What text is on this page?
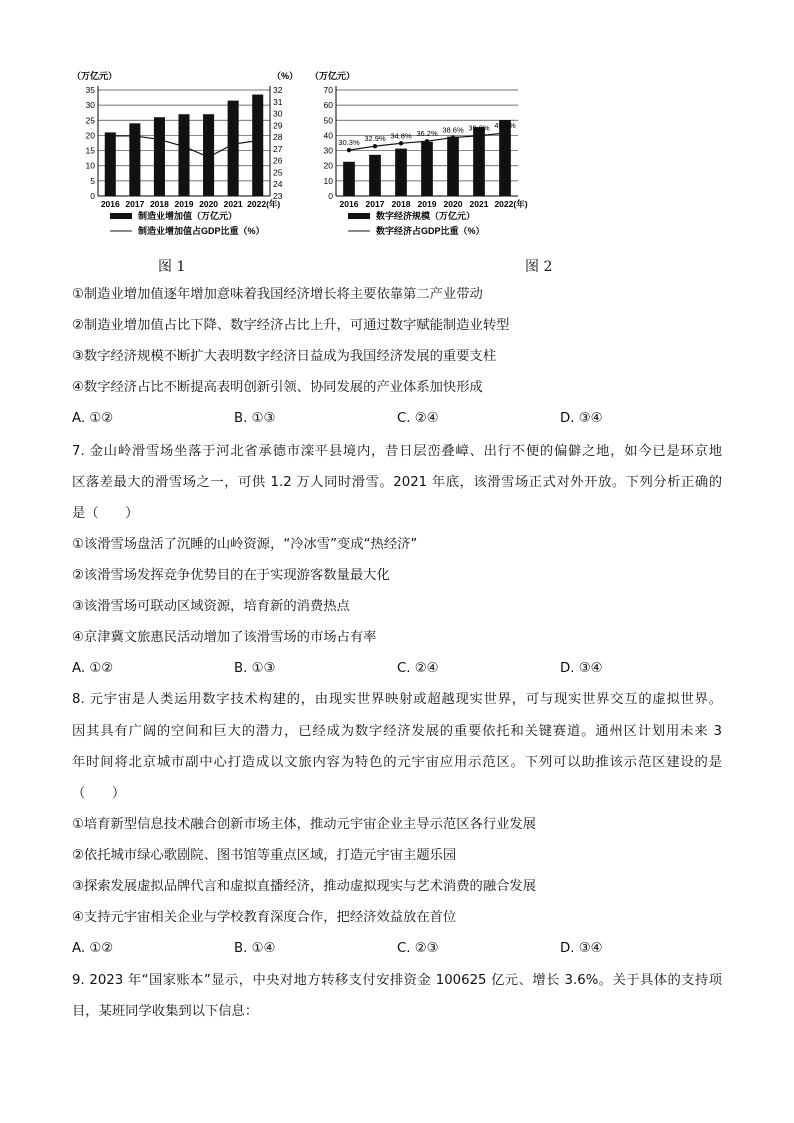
（万亿元）	（%）
0
5
10
15
20
25
30
35
23
24
25
26
27
28
29
30
31
32
2016 2017 2018 2019 2020 2021 2022(年)
制造业增加值（万亿元）
制造业增加值占GDP比重（%）
（万亿元）
0
10
20
30
40
50
60
70
2016 2017 2018 2019 2020 2021 2022(年)
30.3% 32.9% 34.8% 36.2% 38.6% 39.8% 41.5%
数字经济规模（万亿元）
数字经济占GDP比重（%）
图 1	图 2
①制造业增加值逐年增加意味着我国经济增长将主要依靠第二产业带动
②制造业增加值占比下降、数字经济占比上升，可通过数字赋能制造业转型
③数字经济规模不断扩大表明数字经济日益成为我国经济发展的重要支柱
④数字经济占比不断提高表明创新引领、协同发展的产业体系加快形成
A. ①②	B. ①③	C. ②④	D. ③④
7. 金山岭滑雪场坐落于河北省承德市滦平县境内，昔日层峦叠嶂、出行不便的偏僻之地，如今已是环京地
区落差最大的滑雪场之一，可供 1.2 万人同时滑雪。2021 年底，该滑雪场正式对外开放。下列分析正确的
是（　　）
①该滑雪场盘活了沉睡的山岭资源，“冷冰雪”变成“热经济”
②该滑雪场发挥竞争优势目的在于实现游客数量最大化
③该滑雪场可联动区域资源，培育新的消费热点
④京津冀文旅惠民活动增加了该滑雪场的市场占有率
A. ①②	B. ①③	C. ②④	D. ③④
8. 元宇宙是人类运用数字技术构建的，由现实世界映射或超越现实世界，可与现实世界交互的虚拟世界。
因其具有广阔的空间和巨大的潜力，已经成为数字经济发展的重要依托和关键赛道。通州区计划用未来 3
年时间将北京城市副中心打造成以文旅内容为特色的元宇宙应用示范区。下列可以助推该示范区建设的是
（　　）
①培育新型信息技术融合创新市场主体，推动元宇宙企业主导示范区各行业发展
②依托城市绿心歌剧院、图书馆等重点区域，打造元宇宙主题乐园
③探索发展虚拟品牌代言和虚拟直播经济，推动虚拟现实与艺术消费的融合发展
④支持元宇宙相关企业与学校教育深度合作，把经济效益放在首位
A. ①②	B. ①④	C. ②③	D. ③④
9. 2023 年“国家账本”显示，中央对地方转移支付安排资金 100625 亿元、增长 3.6%。关于具体的支持项
目，某班同学收集到以下信息：
